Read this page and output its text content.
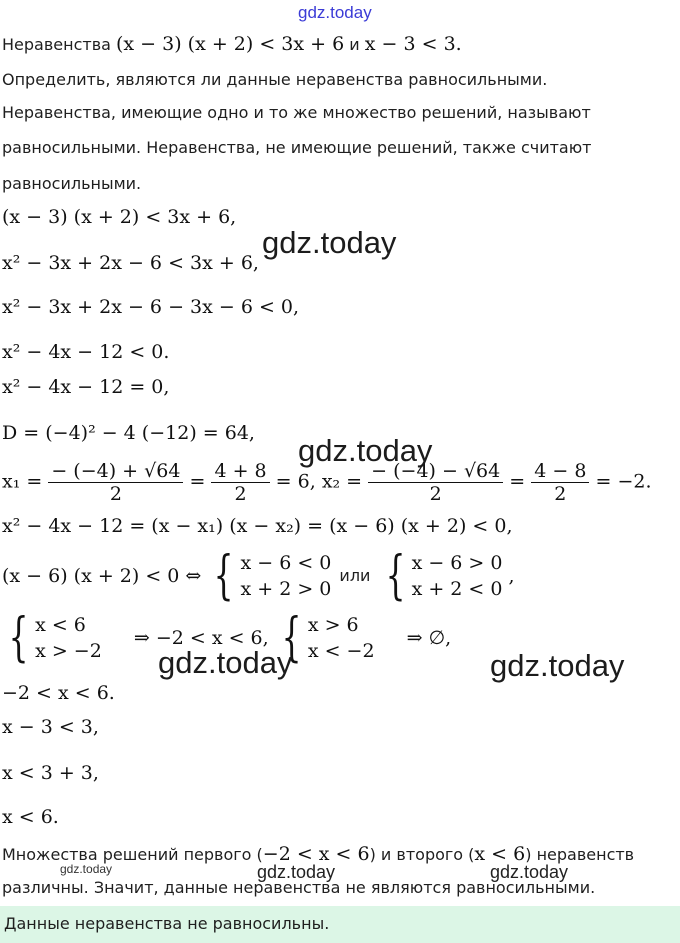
gdz.today
Неравенства (x − 3) (x + 2) < 3x + 6 и x − 3 < 3.
Определить, являются ли данные неравенства равносильными.
Неравенства, имеющие одно и то же множество решений, называют
равносильными. Неравенства, не имеющие решений, также считают
равносильными.
(x − 3) (x + 2) < 3x + 6,
x² − 3x + 2x − 6 < 3x + 6,
x² − 3x + 2x − 6 − 3x − 6 < 0,
x² − 4x − 12 < 0.
x² − 4x − 12 = 0,
D = (−4)² − 4 (−12) = 64,
$x_1 = \frac{- (-4) + √64}{2} = \frac{4 + 8}{2} = 6$, $x_2 = \frac{- (-4) - √64}{2} = \frac{4 - 8}{2} = -2$.
x² − 4x − 12 = (x − x₁) (x − x₂) = (x − 6) (x + 2) < 0,
(x − 6) (x + 2) < 0 ⇔ { x − 6 < 0
x + 2 > 0
или { x − 6 > 0
x + 2 < 0
,
{ x < 6
x > −2
⇒ −2 < x < 6, { x > 6
x < −2
⇒ ∅,
−2 < x < 6.
x − 3 < 3,
x < 3 + 3,
x < 6.
Множества решений первого (−2 < x < 6) и второго (x < 6) неравенств
различны. Значит, данные неравенства не являются равносильными.
Данные неравенства не равносильны.
gdz.today
gdz.today
gdz.today	gdz.today
gdz.today	gdz.today	gdz.today
